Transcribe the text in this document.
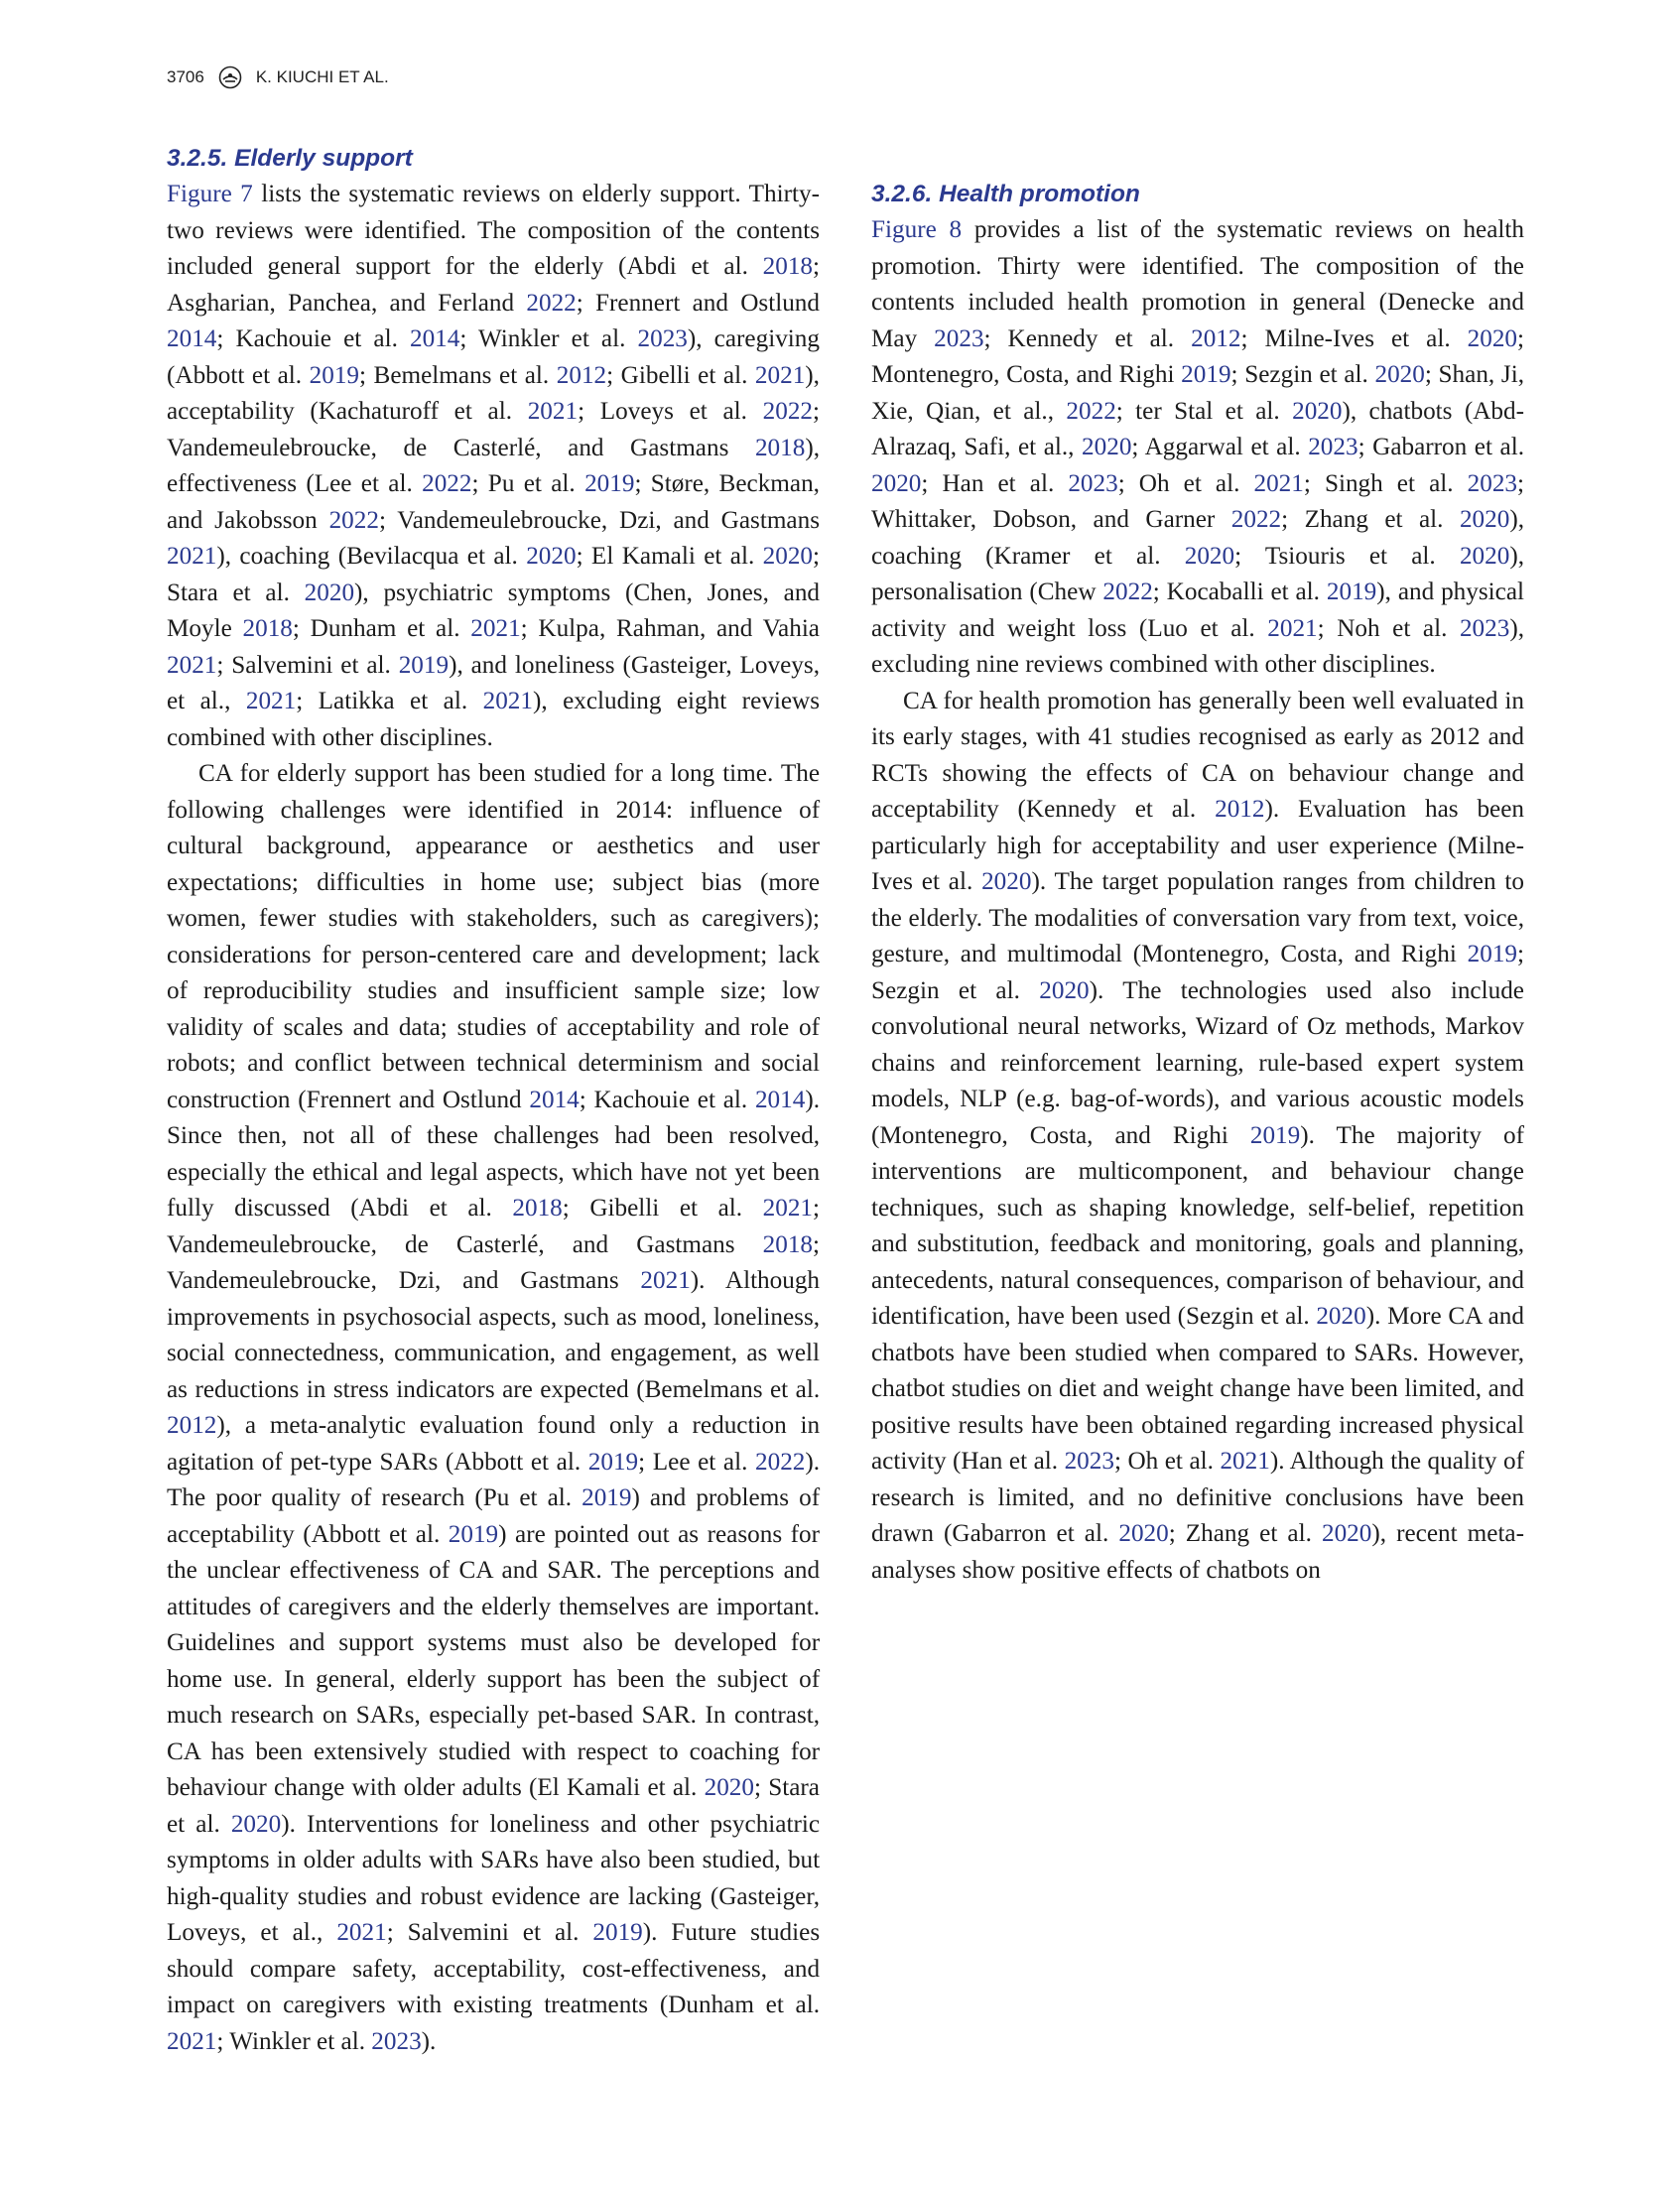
3706	K. KIUCHI ET AL.
3.2.5. Elderly support

Figure 7 lists the systematic reviews on elderly support. Thirty-two reviews were identified. The composition of the contents included general support for the elderly (Abdi et al. 2018; Asgharian, Panchea, and Ferland 2022; Frennert and Ostlund 2014; Kachouie et al. 2014; Winkler et al. 2023), caregiving (Abbott et al. 2019; Bemelmans et al. 2012; Gibelli et al. 2021), acceptability (Kachaturoff et al. 2021; Loveys et al. 2022; Vandemeulebroucke, de Casterlé, and Gastmans 2018), effectiveness (Lee et al. 2022; Pu et al. 2019; Støre, Beckman, and Jakobsson 2022; Vandemeulebroucke, Dzi, and Gastmans 2021), coaching (Bevilacqua et al. 2020; El Kamali et al. 2020; Stara et al. 2020), psychiatric symptoms (Chen, Jones, and Moyle 2018; Dunham et al. 2021; Kulpa, Rahman, and Vahia 2021; Salvemini et al. 2019), and loneliness (Gasteiger, Loveys, et al., 2021; Latikka et al. 2021), excluding eight reviews combined with other disciplines.

CA for elderly support has been studied for a long time. The following challenges were identified in 2014: influence of cultural background, appearance or aesthetics and user expectations; difficulties in home use; subject bias (more women, fewer studies with stakeholders, such as caregivers); considerations for person-centered care and development; lack of reproducibility studies and insufficient sample size; low validity of scales and data; studies of acceptability and role of robots; and conflict between technical determinism and social construction (Frennert and Ostlund 2014; Kachouie et al. 2014). Since then, not all of these challenges had been resolved, especially the ethical and legal aspects, which have not yet been fully discussed (Abdi et al. 2018; Gibelli et al. 2021; Vandemeulebroucke, de Casterlé, and Gastmans 2018; Vandemeulebroucke, Dzi, and Gastmans 2021). Although improvements in psychosocial aspects, such as mood, loneliness, social connectedness, communication, and engagement, as well as reductions in stress indicators are expected (Bemelmans et al. 2012), a meta-analytic evaluation found only a reduction in agitation of pet-type SARs (Abbott et al. 2019; Lee et al. 2022). The poor quality of research (Pu et al. 2019) and problems of acceptability (Abbott et al. 2019) are pointed out as reasons for the unclear effectiveness of CA and SAR. The perceptions and attitudes of caregivers and the elderly themselves are important. Guidelines and support systems must also be developed for home use. In general, elderly support has been the subject of much research on SARs, especially pet-based SAR. In contrast, CA has been extensively studied with respect to coaching for behaviour change with older adults (El Kamali et al. 2020; Stara et al. 2020). Interventions for loneliness and other psychiatric symptoms in older adults with SARs have also been studied, but high-quality studies and robust evidence are lacking (Gasteiger, Loveys, et al., 2021; Salvemini et al. 2019). Future studies should compare safety, acceptability, cost-effectiveness, and impact on caregivers with existing treatments (Dunham et al. 2021; Winkler et al. 2023).

3.2.6. Health promotion

Figure 8 provides a list of the systematic reviews on health promotion. Thirty were identified. The composition of the contents included health promotion in general (Denecke and May 2023; Kennedy et al. 2012; Milne-Ives et al. 2020; Montenegro, Costa, and Righi 2019; Sezgin et al. 2020; Shan, Ji, Xie, Qian, et al., 2022; ter Stal et al. 2020), chatbots (Abd-Alrazaq, Safi, et al., 2020; Aggarwal et al. 2023; Gabarron et al. 2020; Han et al. 2023; Oh et al. 2021; Singh et al. 2023; Whittaker, Dobson, and Garner 2022; Zhang et al. 2020), coaching (Kramer et al. 2020; Tsiouris et al. 2020), personalisation (Chew 2022; Kocaballi et al. 2019), and physical activity and weight loss (Luo et al. 2021; Noh et al. 2023), excluding nine reviews combined with other disciplines.

CA for health promotion has generally been well evaluated in its early stages, with 41 studies recognised as early as 2012 and RCTs showing the effects of CA on behaviour change and acceptability (Kennedy et al. 2012). Evaluation has been particularly high for acceptability and user experience (Milne-Ives et al. 2020). The target population ranges from children to the elderly. The modalities of conversation vary from text, voice, gesture, and multimodal (Montenegro, Costa, and Righi 2019; Sezgin et al. 2020). The technologies used also include convolutional neural networks, Wizard of Oz methods, Markov chains and reinforcement learning, rule-based expert system models, NLP (e.g. bag-of-words), and various acoustic models (Montenegro, Costa, and Righi 2019). The majority of interventions are multicomponent, and behaviour change techniques, such as shaping knowledge, self-belief, repetition and substitution, feedback and monitoring, goals and planning, antecedents, natural consequences, comparison of behaviour, and identification, have been used (Sezgin et al. 2020). More CA and chatbots have been studied when compared to SARs. However, chatbot studies on diet and weight change have been limited, and positive results have been obtained regarding increased physical activity (Han et al. 2023; Oh et al. 2021). Although the quality of research is limited, and no definitive conclusions have been drawn (Gabarron et al. 2020; Zhang et al. 2020), recent meta-analyses show positive effects of chatbots on
